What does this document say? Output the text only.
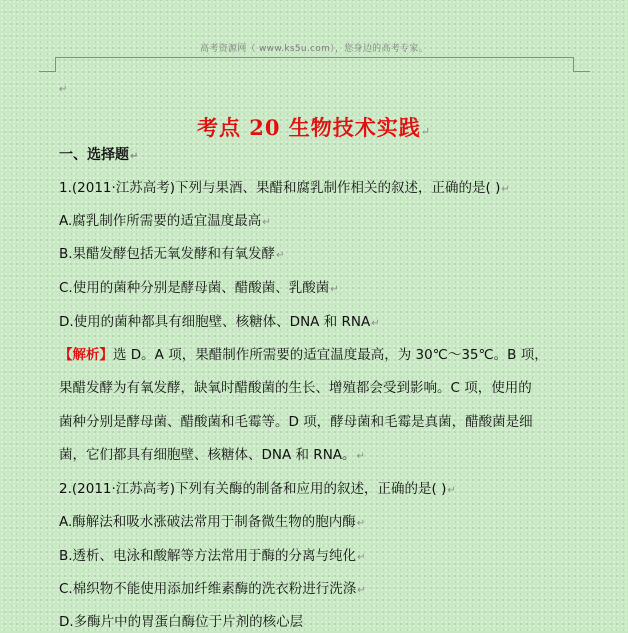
高考资源网（ www.ks5u.com），您身边的高考专家。
↵
考点 20 生物技术实践↵
一、选择题↵
1.(2011·江苏高考)下列与果酒、果醋和腐乳制作相关的叙述，正确的是( )↵
A.腐乳制作所需要的适宜温度最高↵
B.果醋发酵包括无氧发酵和有氧发酵↵
C.使用的菌种分别是酵母菌、醋酸菌、乳酸菌↵
D.使用的菌种都具有细胞壁、核糖体、DNA 和 RNA↵
【解析】选 D。A 项，果醋制作所需要的适宜温度最高，为 30℃～35℃。B 项，
果醋发酵为有氧发酵，缺氧时醋酸菌的生长、增殖都会受到影响。C 项，使用的
菌种分别是酵母菌、醋酸菌和毛霉等。D 项，酵母菌和毛霉是真菌，醋酸菌是细
菌，它们都具有细胞壁、核糖体、DNA 和 RNA。↵
2.(2011·江苏高考)下列有关酶的制备和应用的叙述，正确的是( )↵
A.酶解法和吸水涨破法常用于制备微生物的胞内酶↵
B.透析、电泳和酸解等方法常用于酶的分离与纯化↵
C.棉织物不能使用添加纤维素酶的洗衣粉进行洗涤↵
D.多酶片中的胃蛋白酶位于片剂的核心层
